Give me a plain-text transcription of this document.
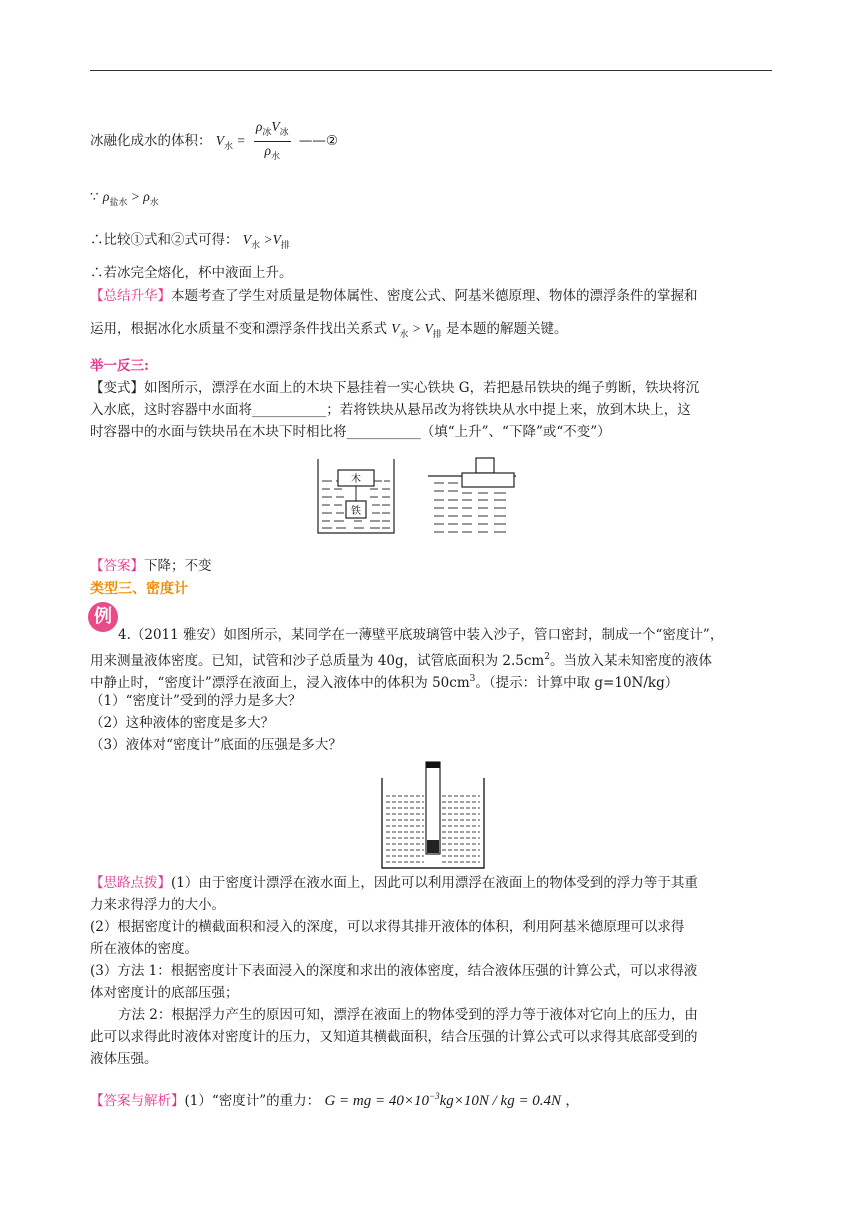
冰融化成水的体积： $V_水 = \frac{\rho_冰V_冰}{\rho_水}$ ——②
∵ $\rho_{盐水} > \rho_水$
∴比较①式和②式可得： $V_水 >V_排$
∴若冰完全熔化，杯中液面上升。
【总结升华】本题考查了学生对质量是物体属性、密度公式、阿基米德原理、物体的漂浮条件的掌握和
运用，根据冰化水质量不变和漂浮条件找出关系式 $V_水 > V_排$ 是本题的解题关键。
举一反三:
【变式】如图所示，漂浮在水面上的木块下悬挂着一实心铁块 G，若把悬吊铁块的绳子剪断，铁块将沉
入水底，这时容器中水面将___________；若将铁块从悬吊改为将铁块从水中提上来，放到木块上，这
时容器中的水面与铁块吊在木块下时相比将___________（填“上升”、“下降”或“不变”）
木
铁
【答案】下降；不变
类型三、密度计
例
4.（2011 雅安）如图所示，某同学在一薄壁平底玻璃管中装入沙子，管口密封，制成一个“密度计”，
用来测量液体密度。已知，试管和沙子总质量为 40g，试管底面积为 $2.5cm^2$。当放入某未知密度的液体
中静止时，“密度计”漂浮在液面上，浸入液体中的体积为 $50cm^3$。（提示：计算中取 g=10N/kg）
（1）“密度计”受到的浮力是多大？
（2）这种液体的密度是多大？
（3）液体对“密度计”底面的压强是多大？
【思路点拨】(1）由于密度计漂浮在液水面上，因此可以利用漂浮在液面上的物体受到的浮力等于其重
力来求得浮力的大小。
(2）根据密度计的横截面积和浸入的深度，可以求得其排开液体的体积，利用阿基米德原理可以求得
所在液体的密度。
(3）方法 1：根据密度计下表面浸入的深度和求出的液体密度，结合液体压强的计算公式，可以求得液
体对密度计的底部压强；
方法 2：根据浮力产生的原因可知，漂浮在液面上的物体受到的浮力等于液体对它向上的压力，由
此可以求得此时液体对密度计的压力，又知道其横截面积，结合压强的计算公式可以求得其底部受到的
液体压强。
【答案与解析】(1）“密度计”的重力： G = mg = $40\times 10^{-3}kg\times 10N$ / kg = 0.4N ，
